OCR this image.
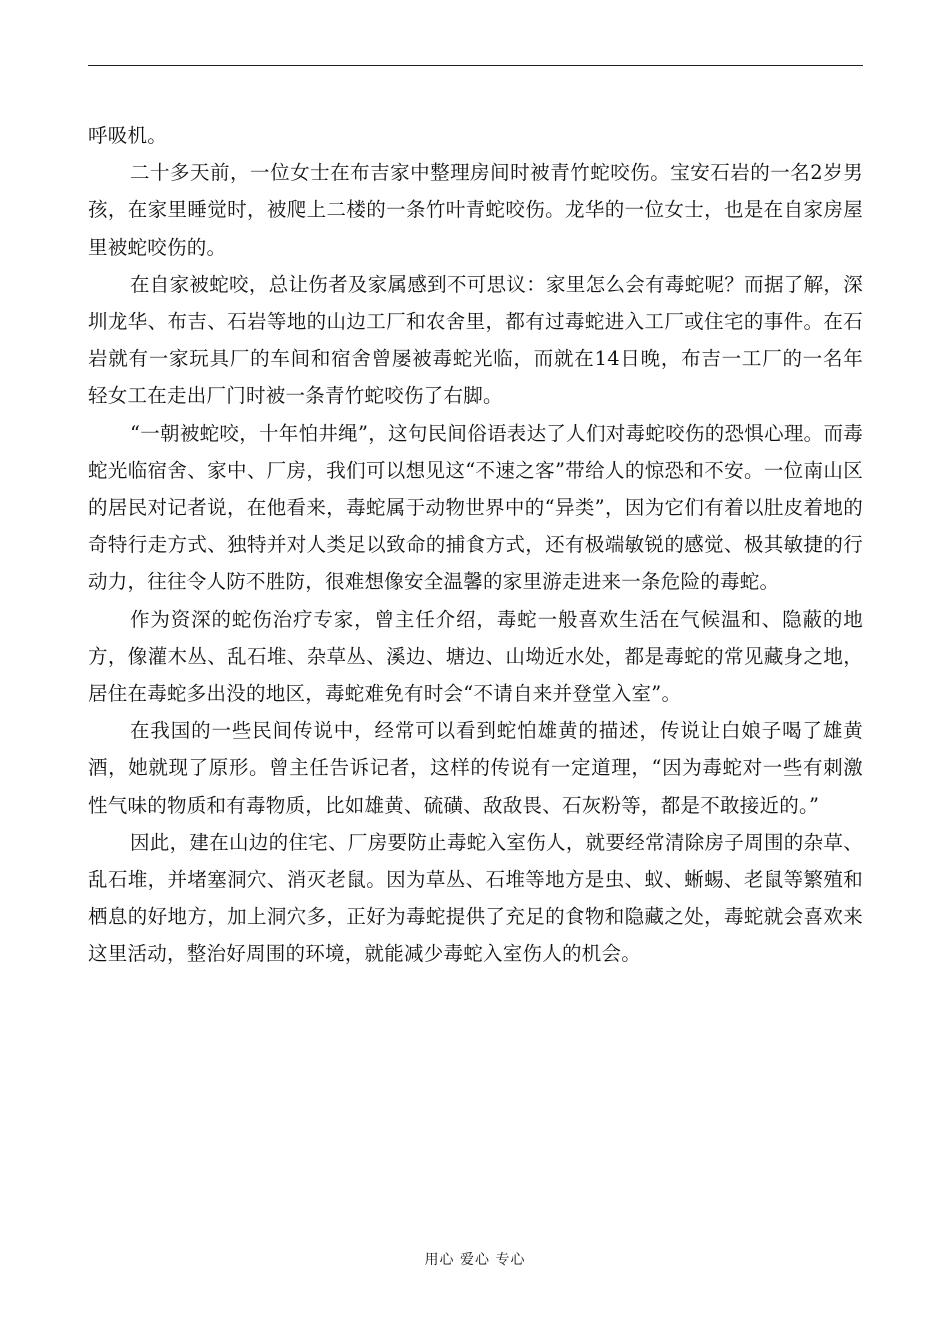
呼吸机。

二十多天前，一位女士在布吉家中整理房间时被青竹蛇咬伤。宝安石岩的一名2岁男孩，在家里睡觉时，被爬上二楼的一条竹叶青蛇咬伤。龙华的一位女士，也是在自家房屋里被蛇咬伤的。

在自家被蛇咬，总让伤者及家属感到不可思议：家里怎么会有毒蛇呢？而据了解，深圳龙华、布吉、石岩等地的山边工厂和农舍里，都有过毒蛇进入工厂或住宅的事件。在石岩就有一家玩具厂的车间和宿舍曾屡被毒蛇光临，而就在14日晚，布吉一工厂的一名年轻女工在走出厂门时被一条青竹蛇咬伤了右脚。

“一朝被蛇咬，十年怕井绳”，这句民间俗语表达了人们对毒蛇咬伤的恐惧心理。而毒蛇光临宿舍、家中、厂房，我们可以想见这“不速之客”带给人的惊恐和不安。一位南山区的居民对记者说，在他看来，毒蛇属于动物世界中的“异类”，因为它们有着以肚皮着地的奇特行走方式、独特并对人类足以致命的捕食方式，还有极端敏锐的感觉、极其敏捷的行动力，往往令人防不胜防，很难想像安全温馨的家里游走进来一条危险的毒蛇。

作为资深的蛇伤治疗专家，曾主任介绍，毒蛇一般喜欢生活在气候温和、隐蔽的地方，像灌木丛、乱石堆、杂草丛、溪边、塘边、山坳近水处，都是毒蛇的常见藏身之地，居住在毒蛇多出没的地区，毒蛇难免有时会“不请自来并登堂入室”。

在我国的一些民间传说中，经常可以看到蛇怕雄黄的描述，传说让白娘子喝了雄黄酒，她就现了原形。曾主任告诉记者，这样的传说有一定道理，“因为毒蛇对一些有刺激性气味的物质和有毒物质，比如雄黄、硫磺、敌敌畏、石灰粉等，都是不敢接近的。”

因此，建在山边的住宅、厂房要防止毒蛇入室伤人，就要经常清除房子周围的杂草、乱石堆，并堵塞洞穴、消灭老鼠。因为草丛、石堆等地方是虫、蚁、蜥蜴、老鼠等繁殖和栖息的好地方，加上洞穴多，正好为毒蛇提供了充足的食物和隐藏之处，毒蛇就会喜欢来这里活动，整治好周围的环境，就能减少毒蛇入室伤人的机会。

用心 爱心 专心
